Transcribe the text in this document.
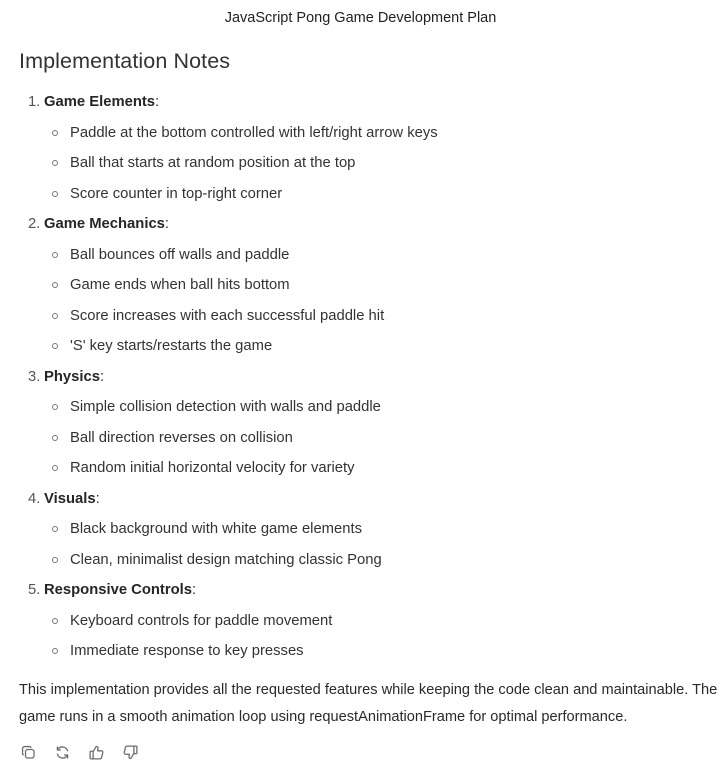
JavaScript Pong Game Development Plan
Implementation Notes
1. Game Elements:
Paddle at the bottom controlled with left/right arrow keys
Ball that starts at random position at the top
Score counter in top-right corner
2. Game Mechanics:
Ball bounces off walls and paddle
Game ends when ball hits bottom
Score increases with each successful paddle hit
'S' key starts/restarts the game
3. Physics:
Simple collision detection with walls and paddle
Ball direction reverses on collision
Random initial horizontal velocity for variety
4. Visuals:
Black background with white game elements
Clean, minimalist design matching classic Pong
5. Responsive Controls:
Keyboard controls for paddle movement
Immediate response to key presses

This implementation provides all the requested features while keeping the code clean and maintainable. The game runs in a smooth animation loop using requestAnimationFrame for optimal performance.
